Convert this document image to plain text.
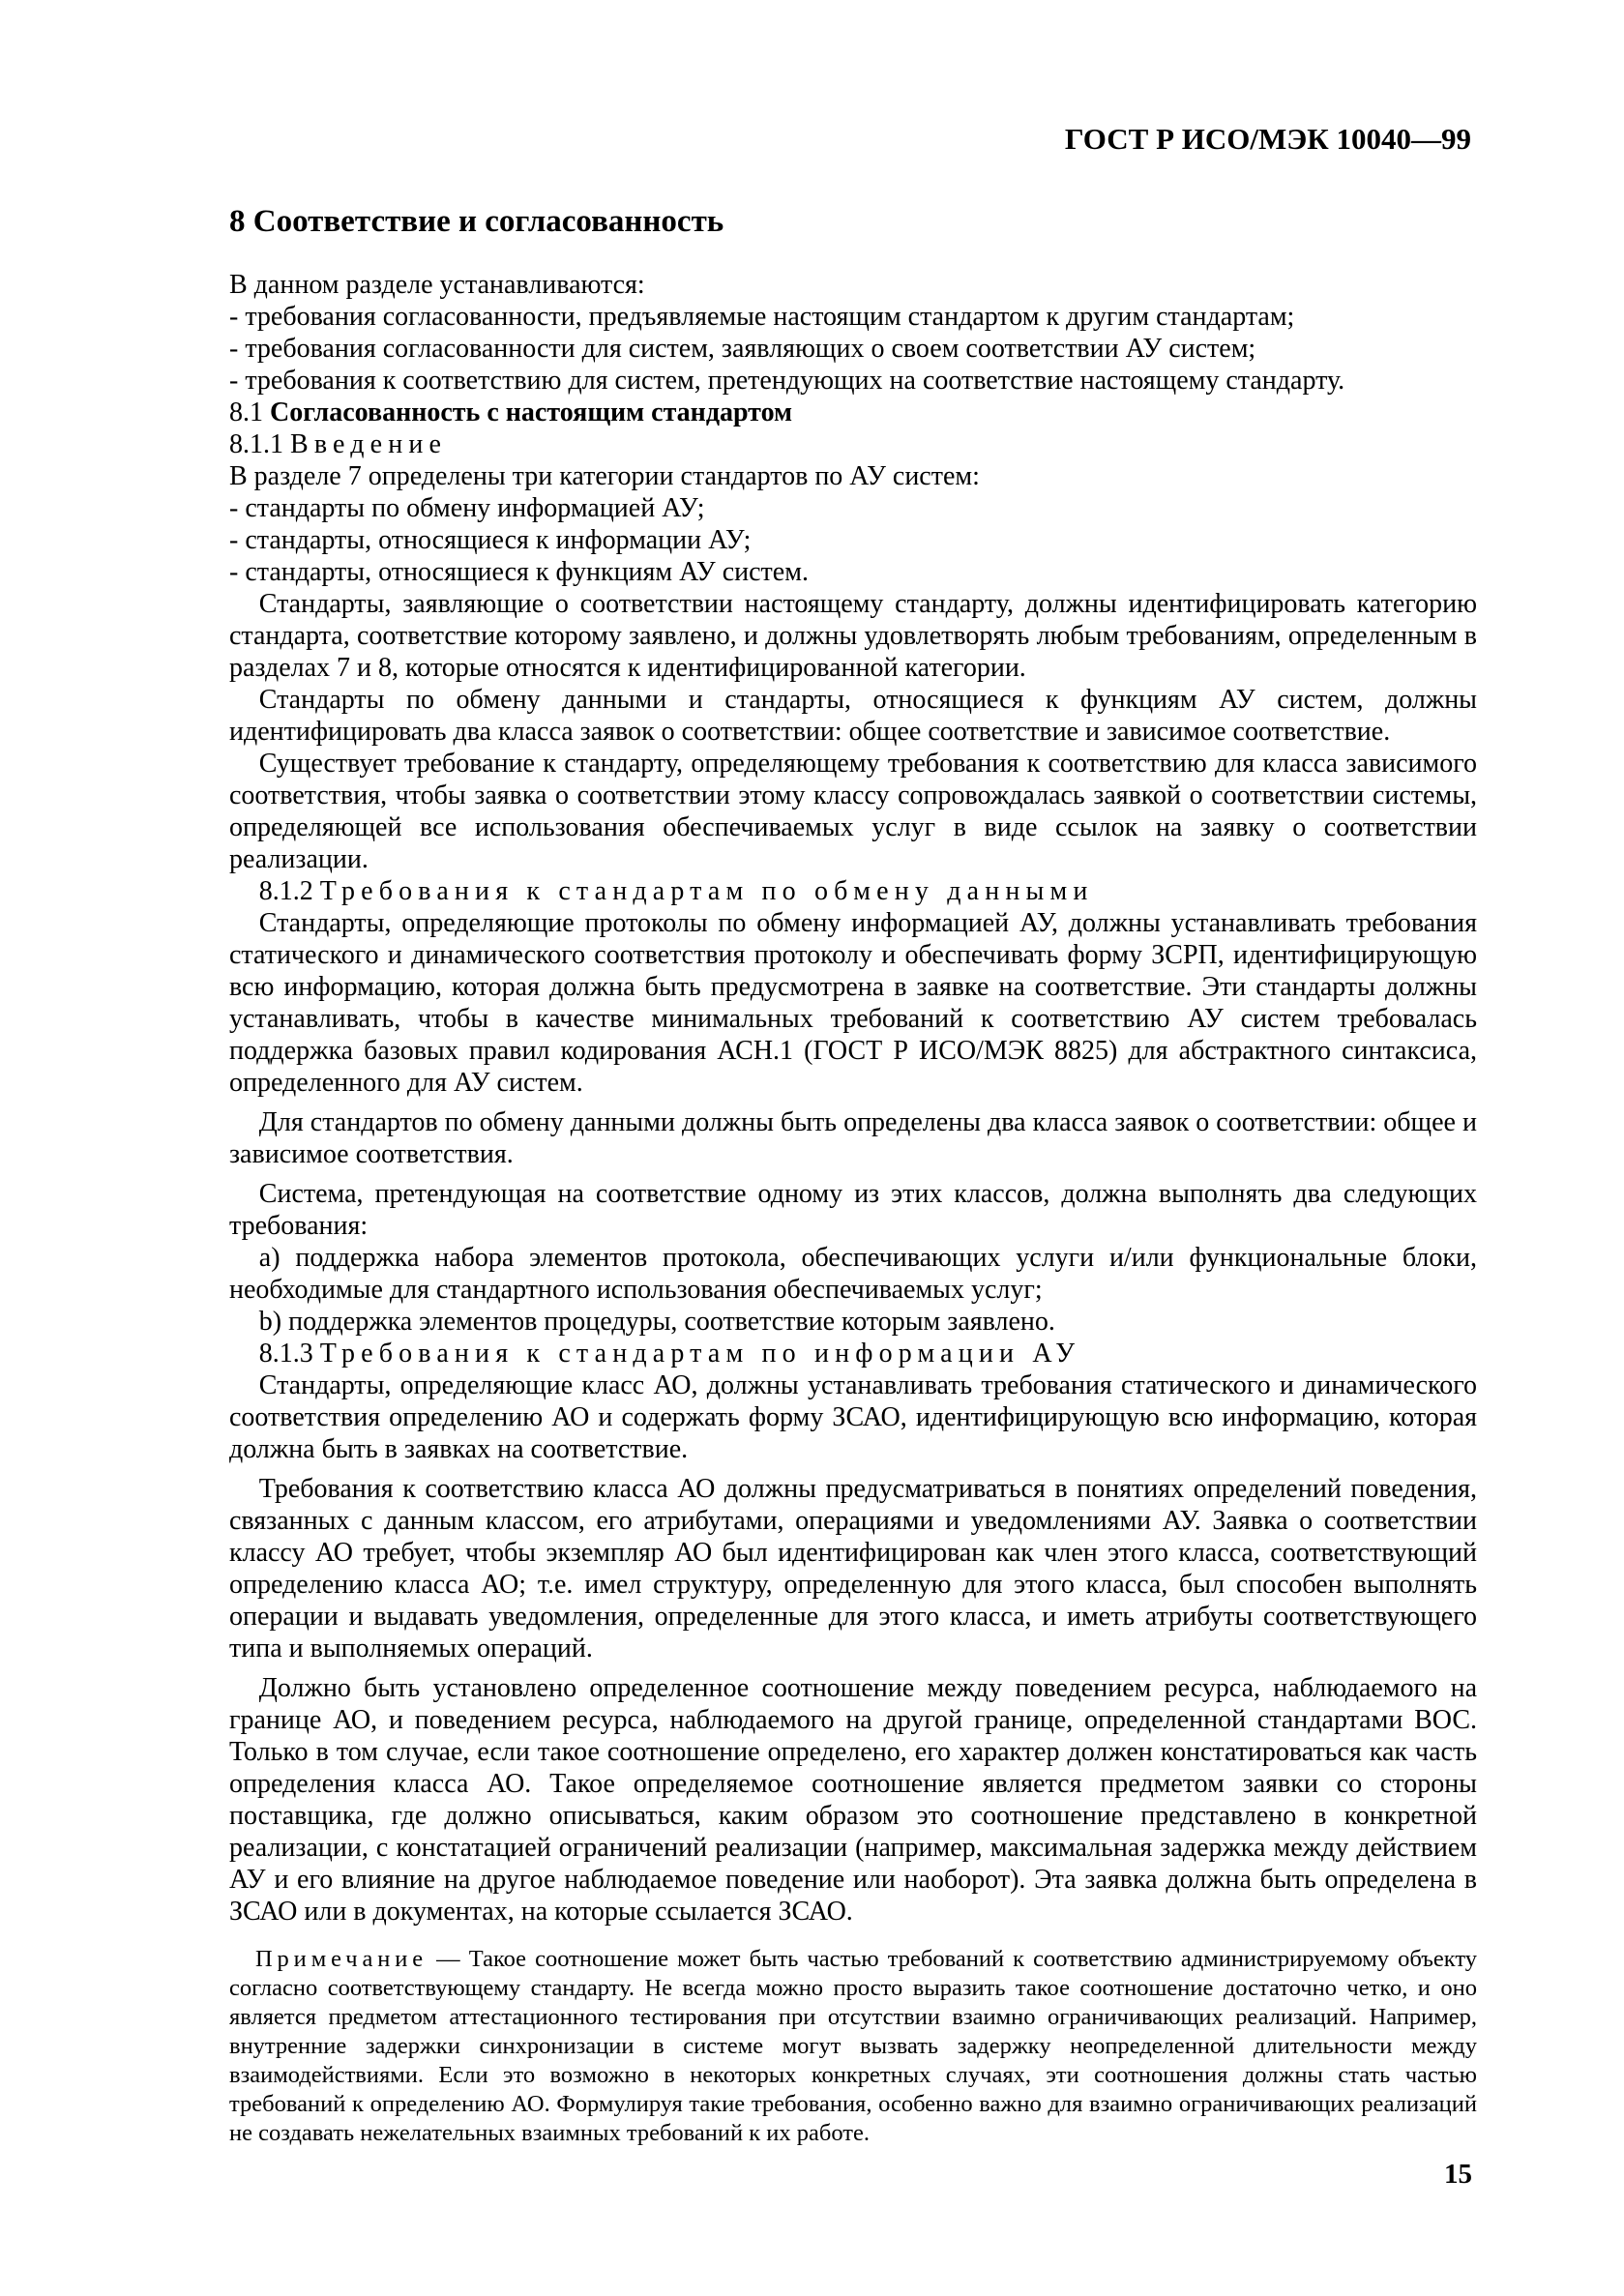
ГОСТ Р ИСО/МЭК 10040—99
8 Соответствие и согласованность

В данном разделе устанавливаются:

- требования согласованности, предъявляемые настоящим стандартом к другим стандартам;

- требования согласованности для систем, заявляющих о своем соответствии АУ систем;

- требования к соответствию для систем, претендующих на соответствие настоящему стандарту.

8.1 Согласованность с настоящим стандартом

8.1.1 Введение

В разделе 7 определены три категории стандартов по АУ систем:

- стандарты по обмену информацией АУ;

- стандарты, относящиеся к информации АУ;

- стандарты, относящиеся к функциям АУ систем.

Стандарты, заявляющие о соответствии настоящему стандарту, должны идентифицировать категорию стандарта, соответствие которому заявлено, и должны удовлетворять любым требованиям, определенным в разделах 7 и 8, которые относятся к идентифицированной категории.

Стандарты по обмену данными и стандарты, относящиеся к функциям АУ систем, должны идентифицировать два класса заявок о соответствии: общее соответствие и зависимое соответствие.

Существует требование к стандарту, определяющему требования к соответствию для класса зависимого соответствия, чтобы заявка о соответствии этому классу сопровождалась заявкой о соответствии системы, определяющей все использования обеспечиваемых услуг в виде ссылок на заявку о соответствии реализации.

8.1.2 Требования к стандартам по обмену данными

Стандарты, определяющие протоколы по обмену информацией АУ, должны устанавливать требования статического и динамического соответствия протоколу и обеспечивать форму ЗСРП, идентифицирующую всю информацию, которая должна быть предусмотрена в заявке на соответствие. Эти стандарты должны устанавливать, чтобы в качестве минимальных требований к соответствию АУ систем требовалась поддержка базовых правил кодирования АСН.1 (ГОСТ Р ИСО/МЭК 8825) для абстрактного синтаксиса, определенного для АУ систем.

Для стандартов по обмену данными должны быть определены два класса заявок о соответствии: общее и зависимое соответствия.

Система, претендующая на соответствие одному из этих классов, должна выполнять два следующих требования:

a) поддержка набора элементов протокола, обеспечивающих услуги и/или функциональные блоки, необходимые для стандартного использования обеспечиваемых услуг;

b) поддержка элементов процедуры, соответствие которым заявлено.

8.1.3 Требования к стандартам по информации АУ

Стандарты, определяющие класс АО, должны устанавливать требования статического и динамического соответствия определению АО и содержать форму ЗСАО, идентифицирующую всю информацию, которая должна быть в заявках на соответствие.

Требования к соответствию класса АО должны предусматриваться в понятиях определений поведения, связанных с данным классом, его атрибутами, операциями и уведомлениями АУ. Заявка о соответствии классу АО требует, чтобы экземпляр АО был идентифицирован как член этого класса, соответствующий определению класса АО; т.е. имел структуру, определенную для этого класса, был способен выполнять операции и выдавать уведомления, определенные для этого класса, и иметь атрибуты соответствующего типа и выполняемых операций.

Должно быть установлено определенное соотношение между поведением ресурса, наблюдаемого на границе АО, и поведением ресурса, наблюдаемого на другой границе, определенной стандартами ВОС. Только в том случае, если такое соотношение определено, его характер должен констатироваться как часть определения класса АО. Такое определяемое соотношение является предметом заявки со стороны поставщика, где должно описываться, каким образом это соотношение представлено в конкретной реализации, с констатацией ограничений реализации (например, максимальная задержка между действием АУ и его влияние на другое наблюдаемое поведение или наоборот). Эта заявка должна быть определена в ЗСАО или в документах, на которые ссылается ЗСАО.

Примечание — Такое соотношение может быть частью требований к соответствию администрируемому объекту согласно соответствующему стандарту. Не всегда можно просто выразить такое соотношение достаточно четко, и оно является предметом аттестационного тестирования при отсутствии взаимно ограничивающих реализаций. Например, внутренние задержки синхронизации в системе могут вызвать задержку неопределенной длительности между взаимодействиями. Если это возможно в некоторых конкретных случаях, эти соотношения должны стать частью требований к определению АО. Формулируя такие требования, особенно важно для взаимно ограничивающих реализаций не создавать нежелательных взаимных требований к их работе.

15
